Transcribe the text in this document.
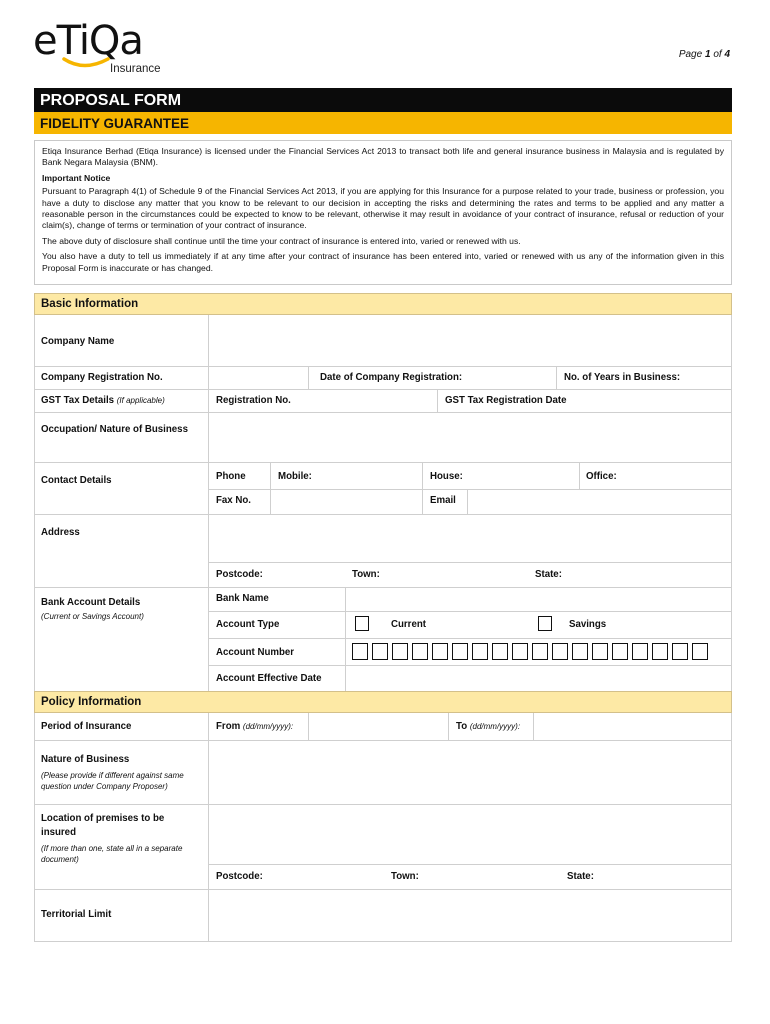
eTiQa
Insurance
Page 1 of 4
PROPOSAL FORM
FIDELITY GUARANTEE

Etiqa Insurance Berhad (Etiqa Insurance) is licensed under the Financial Services Act 2013 to transact both life and general insurance business in Malaysia and is regulated by Bank Negara Malaysia (BNM).

Important Notice

Pursuant to Paragraph 4(1) of Schedule 9 of the Financial Services Act 2013, if you are applying for this Insurance for a purpose related to your trade, business or profession, you have a duty to disclose any matter that you know to be relevant to our decision in accepting the risks and determining the rates and terms to be applied and any matter a reasonable person in the circumstances could be expected to know to be relevant, otherwise it may result in avoidance of your contract of insurance, refusal or reduction of your claim(s), change of terms or termination of your contract of insurance.

The above duty of disclosure shall continue until the time your contract of insurance is entered into, varied or renewed with us.

You also have a duty to tell us immediately if at any time after your contract of insurance has been entered into, varied or renewed with us any of the information given in this Proposal Form is inaccurate or has changed.

Basic Information
Company Name
Company Registration No.	Date of Company Registration:	No. of Years in Business:
GST Tax Details (If applicable)	Registration No.	GST Tax Registration Date
Occupation/ Nature of Business
Contact Details	Phone	Mobile:	House:	Office:
Fax No.	Email
Address
Postcode:	Town:	State:
Bank Account Details
(Current or Savings Account)
Bank Name
Account Type	Current	Savings
Account Number
Account Effective Date
Policy Information
Period of Insurance	From (dd/mm/yyyy):	To (dd/mm/yyyy):
Nature of Business
(Please provide if different against same question under Company Proposer)
Location of premises to be insured
(If more than one, state all in a separate document)
Postcode:	Town:	State:
Territorial Limit
